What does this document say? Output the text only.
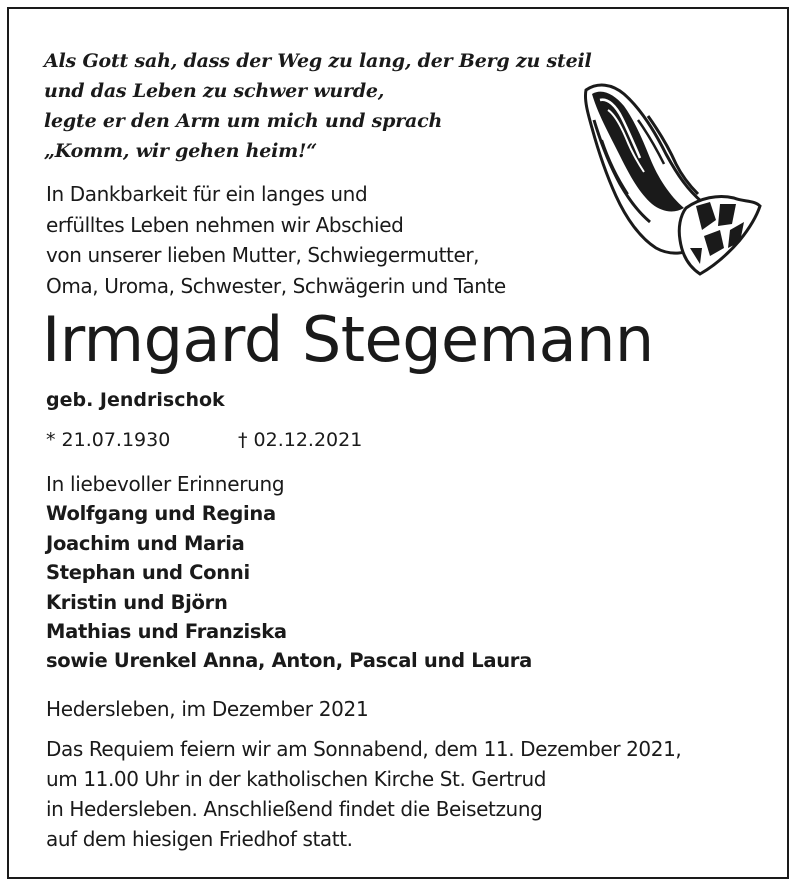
Als Gott sah, dass der Weg zu lang, der Berg zu steil
und das Leben zu schwer wurde,
legte er den Arm um mich und sprach
„Komm, wir gehen heim!“
In Dankbarkeit für ein langes und
erfülltes Leben nehmen wir Abschied
von unserer lieben Mutter, Schwiegermutter,
Oma, Uroma, Schwester, Schwägerin und Tante
Irmgard Stegemann
geb. Jendrischok
* 21.07.1930	† 02.12.2021
In liebevoller Erinnerung
Wolfgang und Regina
Joachim und Maria
Stephan und Conni
Kristin und Björn
Mathias und Franziska
sowie Urenkel Anna, Anton, Pascal und Laura
Hedersleben, im Dezember 2021
Das Requiem feiern wir am Sonnabend, dem 11. Dezember 2021,
um 11.00 Uhr in der katholischen Kirche St. Gertrud
in Hedersleben. Anschließend findet die Beisetzung
auf dem hiesigen Friedhof statt.
